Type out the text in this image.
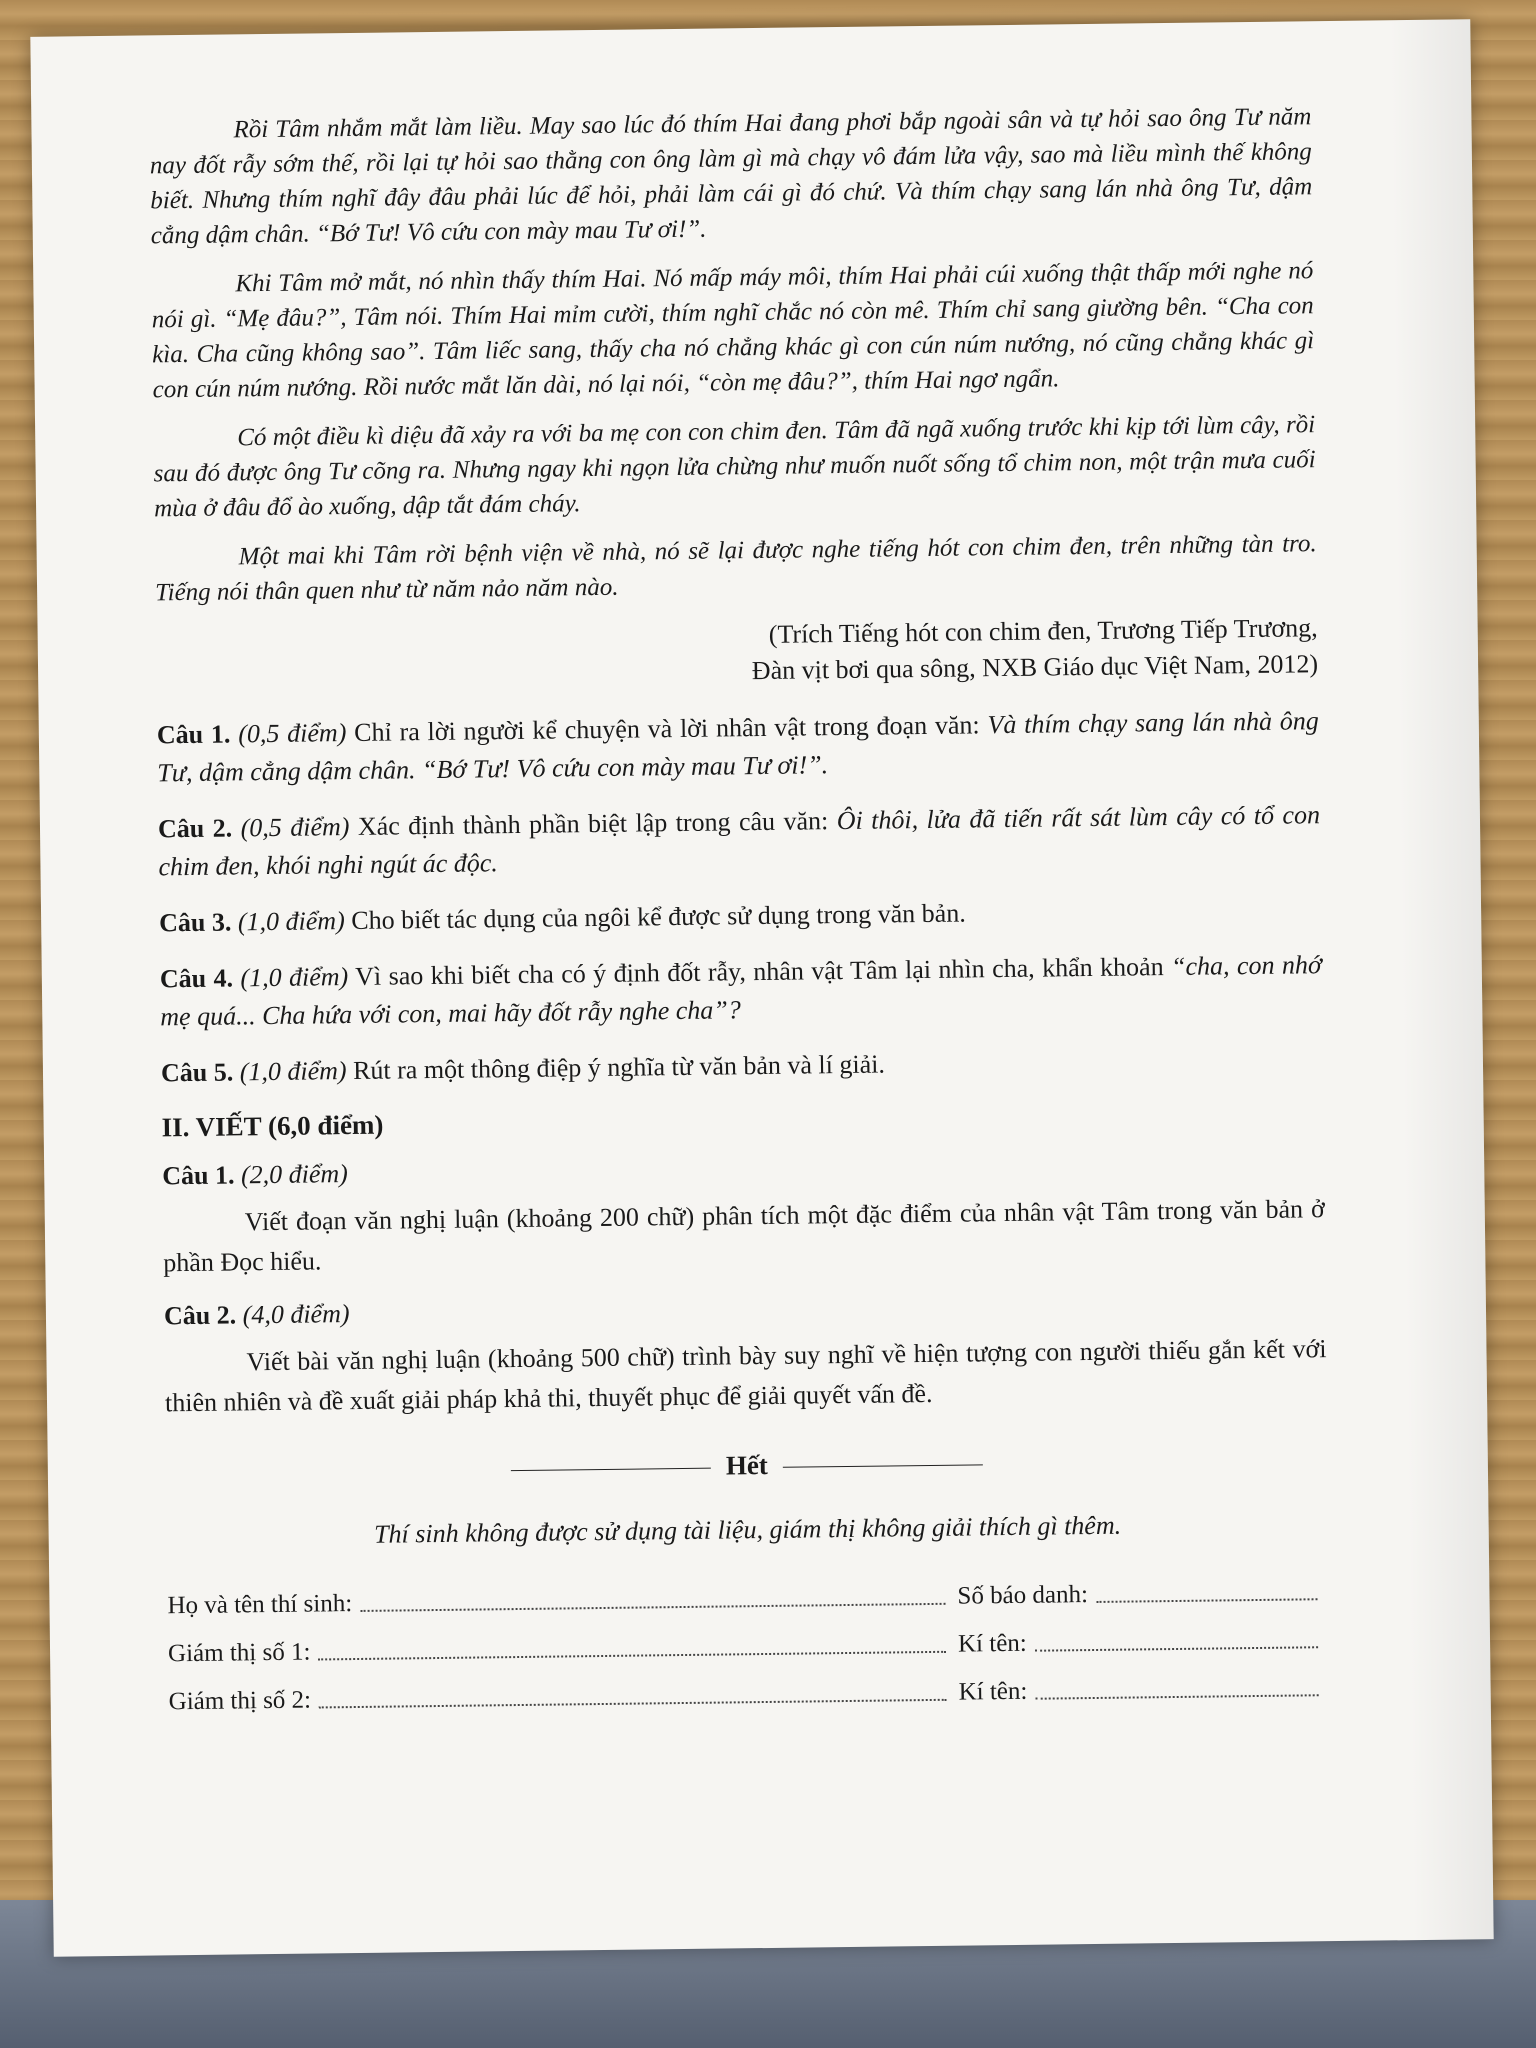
Rồi Tâm nhắm mắt làm liều. May sao lúc đó thím Hai đang phơi bắp ngoài sân và tự hỏi sao ông Tư năm nay đốt rẫy sớm thế, rồi lại tự hỏi sao thằng con ông làm gì mà chạy vô đám lửa vậy, sao mà liều mình thế không biết. Nhưng thím nghĩ đây đâu phải lúc để hỏi, phải làm cái gì đó chứ. Và thím chạy sang lán nhà ông Tư, dậm cẳng dậm chân. “Bớ Tư! Vô cứu con mày mau Tư ơi!”.

Khi Tâm mở mắt, nó nhìn thấy thím Hai. Nó mấp máy môi, thím Hai phải cúi xuống thật thấp mới nghe nó nói gì. “Mẹ đâu?”, Tâm nói. Thím Hai mỉm cười, thím nghĩ chắc nó còn mê. Thím chỉ sang giường bên. “Cha con kìa. Cha cũng không sao”. Tâm liếc sang, thấy cha nó chẳng khác gì con cún núm nướng, nó cũng chẳng khác gì con cún núm nướng. Rồi nước mắt lăn dài, nó lại nói, “còn mẹ đâu?”, thím Hai ngơ ngẩn.

Có một điều kì diệu đã xảy ra với ba mẹ con con chim đen. Tâm đã ngã xuống trước khi kịp tới lùm cây, rồi sau đó được ông Tư cõng ra. Nhưng ngay khi ngọn lửa chừng như muốn nuốt sống tổ chim non, một trận mưa cuối mùa ở đâu đổ ào xuống, dập tắt đám cháy.

Một mai khi Tâm rời bệnh viện về nhà, nó sẽ lại được nghe tiếng hót con chim đen, trên những tàn tro. Tiếng nói thân quen như từ năm nảo năm nào.

(Trích Tiếng hót con chim đen, Trương Tiếp Trương,
Đàn vịt bơi qua sông, NXB Giáo dục Việt Nam, 2012)
Câu 1. (0,5 điểm) Chỉ ra lời người kể chuyện và lời nhân vật trong đoạn văn: Và thím chạy sang lán nhà ông Tư, dậm cẳng dậm chân. “Bớ Tư! Vô cứu con mày mau Tư ơi!”.
Câu 2. (0,5 điểm) Xác định thành phần biệt lập trong câu văn: Ôi thôi, lửa đã tiến rất sát lùm cây có tổ con chim đen, khói nghi ngút ác độc.
Câu 3. (1,0 điểm) Cho biết tác dụng của ngôi kể được sử dụng trong văn bản.
Câu 4. (1,0 điểm) Vì sao khi biết cha có ý định đốt rẫy, nhân vật Tâm lại nhìn cha, khẩn khoản “cha, con nhớ mẹ quá... Cha hứa với con, mai hãy đốt rẫy nghe cha”?
Câu 5. (1,0 điểm) Rút ra một thông điệp ý nghĩa từ văn bản và lí giải.
II. VIẾT (6,0 điểm)
Câu 1. (2,0 điểm)

Viết đoạn văn nghị luận (khoảng 200 chữ) phân tích một đặc điểm của nhân vật Tâm trong văn bản ở phần Đọc hiểu.

Câu 2. (4,0 điểm)

Viết bài văn nghị luận (khoảng 500 chữ) trình bày suy nghĩ về hiện tượng con người thiếu gắn kết với thiên nhiên và đề xuất giải pháp khả thi, thuyết phục để giải quyết vấn đề.

Hết
Thí sinh không được sử dụng tài liệu, giám thị không giải thích gì thêm.
Họ và tên thí sinh:	Số báo danh:
Giám thị số 1:	Kí tên:
Giám thị số 2:	Kí tên:
